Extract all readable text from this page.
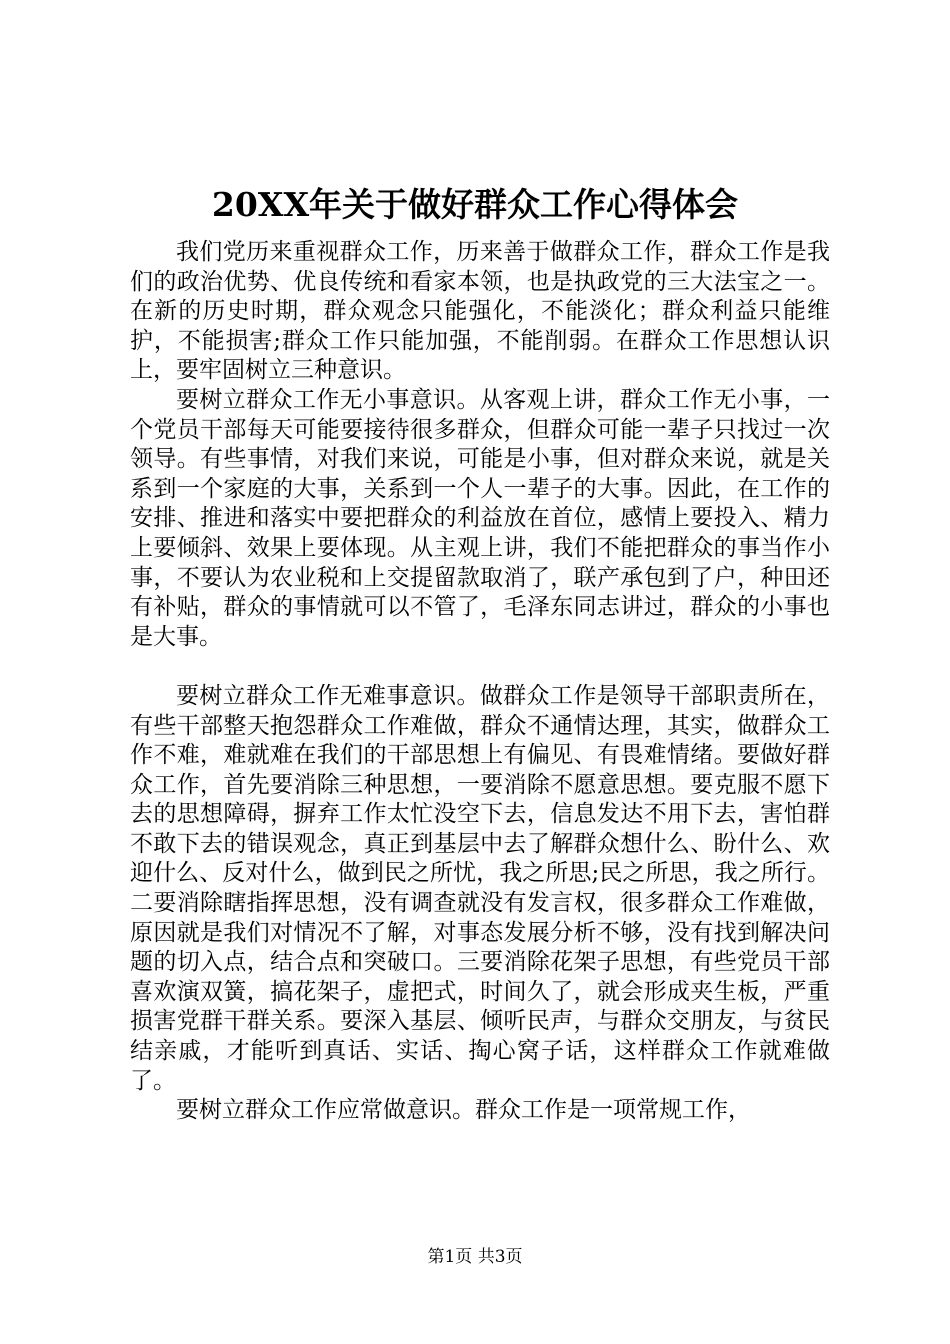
20XX年关于做好群众工作心得体会

我们党历来重视群众工作，历来善于做群众工作，群众工作是我们的政治优势、优良传统和看家本领，也是执政党的三大法宝之一。在新的历史时期，群众观念只能强化，不能淡化；群众利益只能维护，不能损害;群众工作只能加强，不能削弱。在群众工作思想认识上，要牢固树立三种意识。

要树立群众工作无小事意识。从客观上讲，群众工作无小事，一个党员干部每天可能要接待很多群众，但群众可能一辈子只找过一次领导。有些事情，对我们来说，可能是小事，但对群众来说，就是关系到一个家庭的大事，关系到一个人一辈子的大事。因此，在工作的安排、推进和落实中要把群众的利益放在首位，感情上要投入、精力上要倾斜、效果上要体现。从主观上讲，我们不能把群众的事当作小事，不要认为农业税和上交提留款取消了，联产承包到了户，种田还有补贴，群众的事情就可以不管了，毛泽东同志讲过，群众的小事也是大事。

要树立群众工作无难事意识。做群众工作是领导干部职责所在，有些干部整天抱怨群众工作难做，群众不通情达理，其实，做群众工作不难，难就难在我们的干部思想上有偏见、有畏难情绪。要做好群众工作，首先要消除三种思想，一要消除不愿意思想。要克服不愿下去的思想障碍，摒弃工作太忙没空下去，信息发达不用下去，害怕群不敢下去的错误观念，真正到基层中去了解群众想什么、盼什么、欢迎什么、反对什么，做到民之所忧，我之所思;民之所思，我之所行。二要消除瞎指挥思想，没有调查就没有发言权，很多群众工作难做，原因就是我们对情况不了解，对事态发展分析不够，没有找到解决问题的切入点，结合点和突破口。三要消除花架子思想，有些党员干部喜欢演双簧，搞花架子，虚把式，时间久了，就会形成夹生板，严重损害党群干群关系。要深入基层、倾听民声，与群众交朋友，与贫民结亲戚，才能听到真话、实话、掏心窝子话，这样群众工作就难做了。

要树立群众工作应常做意识。群众工作是一项常规工作，

第1页 共3页
